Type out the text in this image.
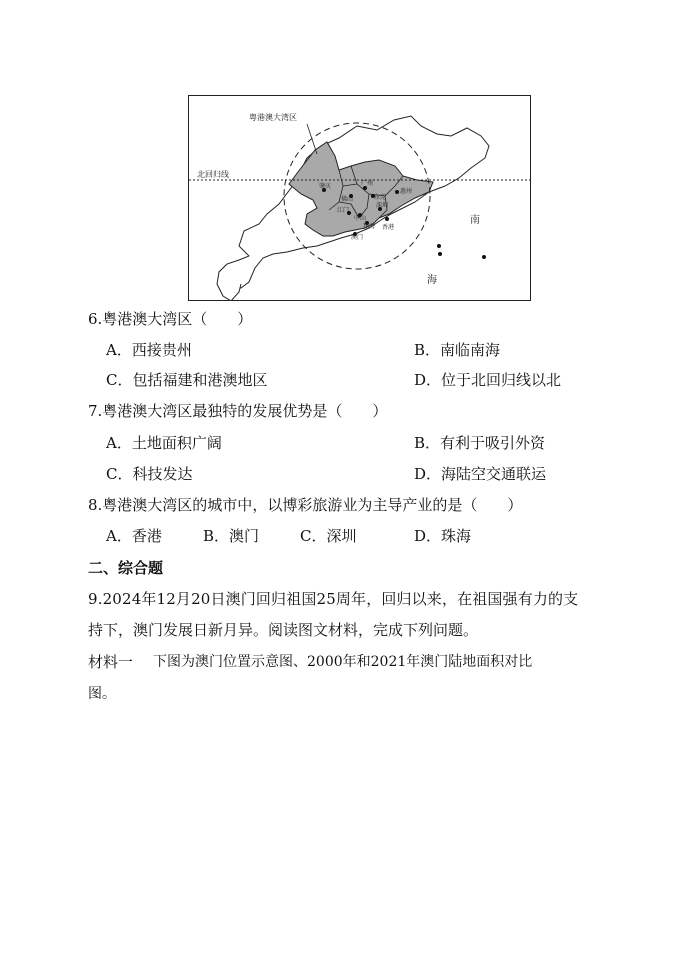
粤港澳大湾区
北回归线
南
海
肇庆	广州
惠州
佛山	东莞
江门
中山
深圳
珠海 香港
澳门
6.粤港澳大湾区（　　）
A．西接贵州	B．南临南海
C．包括福建和港澳地区	D．位于北回归线以北
7.粤港澳大湾区最独特的发展优势是（　　）
A．土地面积广阔	B．有利于吸引外资
C．科技发达	D．海陆空交通联运
8.粤港澳大湾区的城市中，以博彩旅游业为主导产业的是（　　）
A．香港	B．澳门	C．深圳	D．珠海
二、综合题
9.2024年12月20日澳门回归祖国25周年，回归以来，在祖国强有力的支
持下，澳门发展日新月异。阅读图文材料，完成下列问题。
材料一 下图为澳门位置示意图、2000年和2021年澳门陆地面积对比
图。
